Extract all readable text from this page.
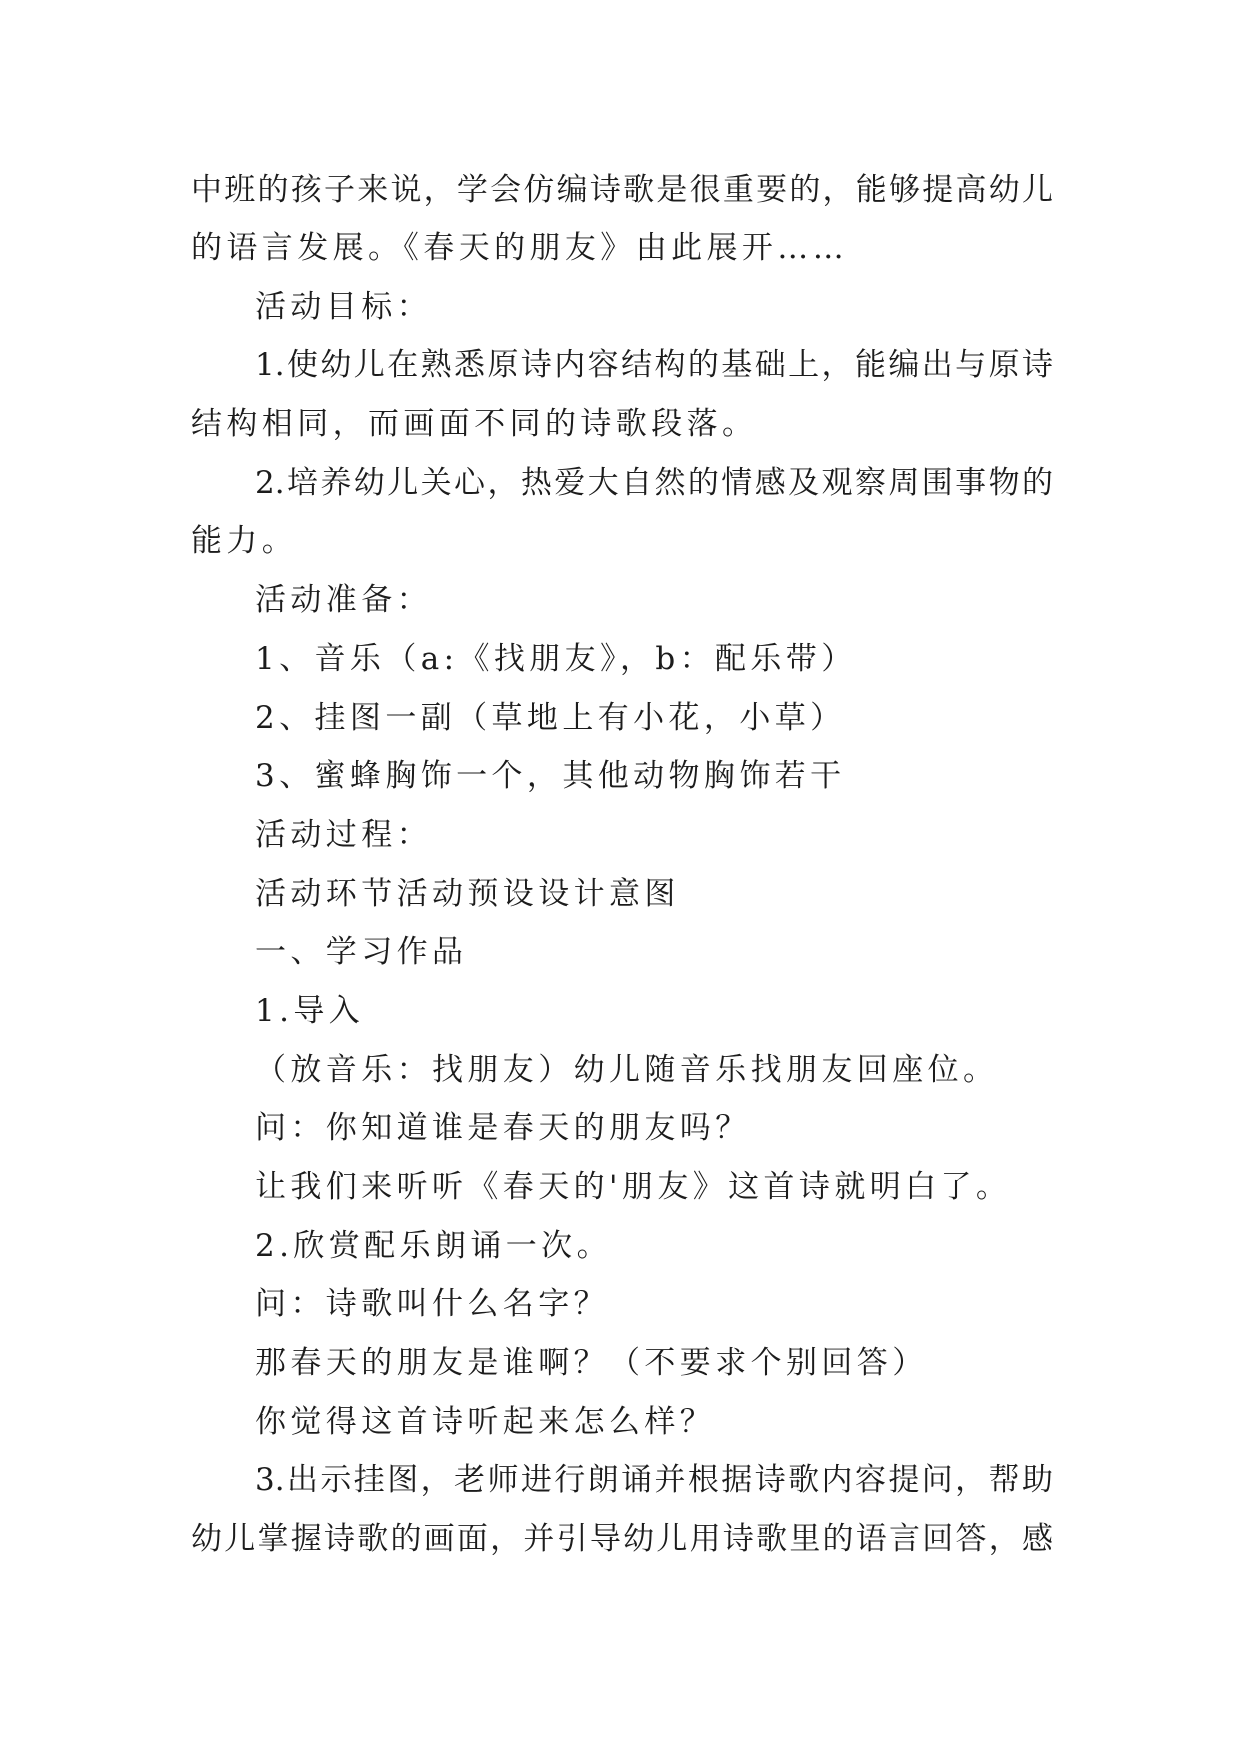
中班的孩子来说，学会仿编诗歌是很重要的，能够提高幼儿
的语言发展。《春天的朋友》由此展开……
活动目标：
1.使幼儿在熟悉原诗内容结构的基础上，能编出与原诗
结构相同，而画面不同的诗歌段落。
2.培养幼儿关心，热爱大自然的情感及观察周围事物的
能力。
活动准备：
1、音乐（a:《找朋友》，b：配乐带）
2、挂图一副（草地上有小花，小草）
3、蜜蜂胸饰一个，其他动物胸饰若干
活动过程：
活动环节活动预设设计意图
一、学习作品
1.导入
（放音乐：找朋友）幼儿随音乐找朋友回座位。
问：你知道谁是春天的朋友吗？
让我们来听听《春天的'朋友》这首诗就明白了。
2.欣赏配乐朗诵一次。
问：诗歌叫什么名字？
那春天的朋友是谁啊？（不要求个别回答）
你觉得这首诗听起来怎么样？
3.出示挂图，老师进行朗诵并根据诗歌内容提问，帮助
幼儿掌握诗歌的画面，并引导幼儿用诗歌里的语言回答，感
